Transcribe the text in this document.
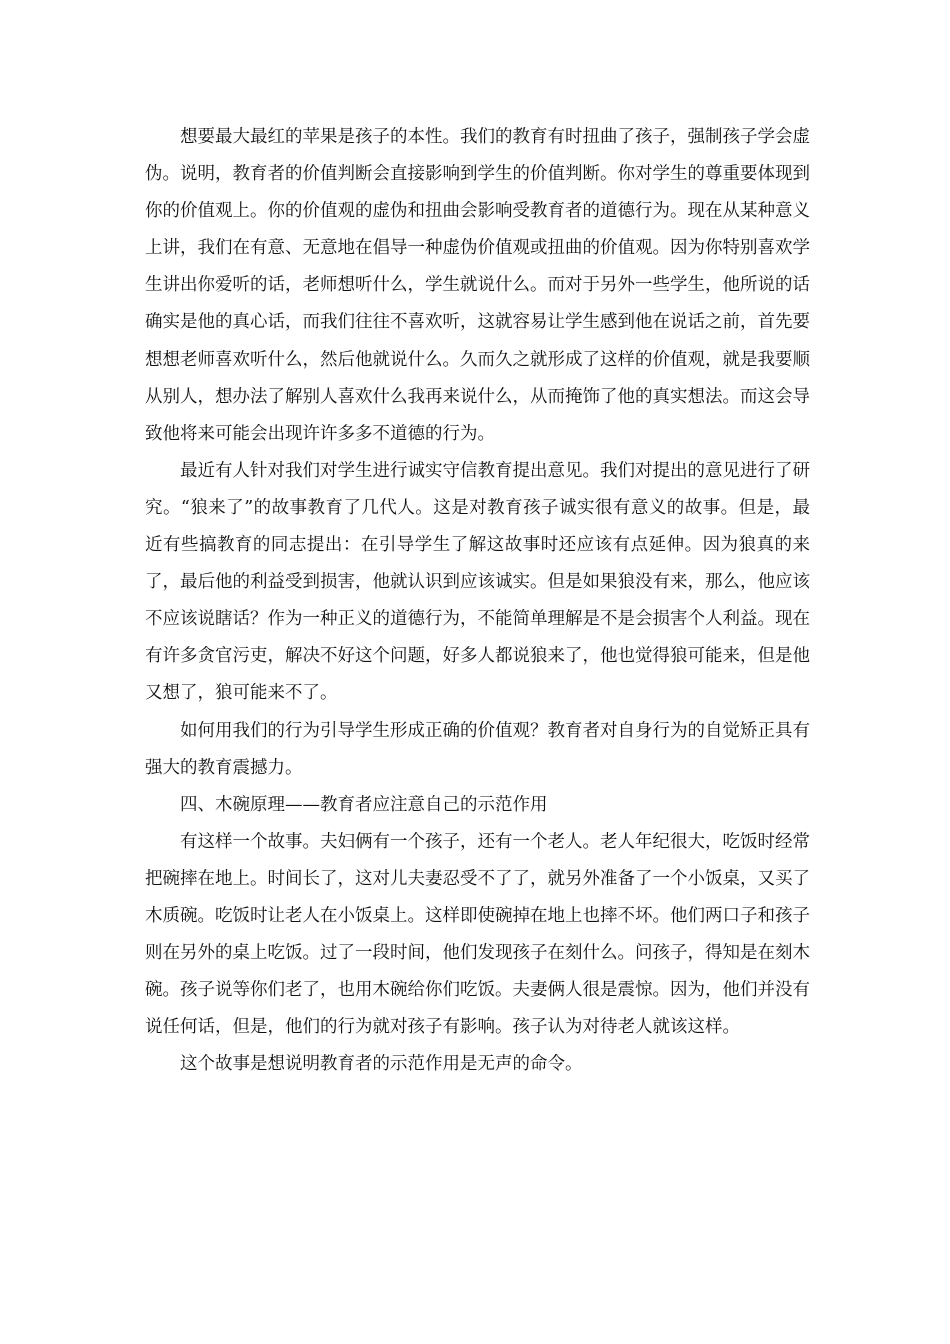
想要最大最红的苹果是孩子的本性。我们的教育有时扭曲了孩子，强制孩子学会虚伪。说明，教育者的价值判断会直接影响到学生的价值判断。你对学生的尊重要体现到你的价值观上。你的价值观的虚伪和扭曲会影响受教育者的道德行为。现在从某种意义上讲，我们在有意、无意地在倡导一种虚伪价值观或扭曲的价值观。因为你特别喜欢学生讲出你爱听的话，老师想听什么，学生就说什么。而对于另外一些学生，他所说的话确实是他的真心话，而我们往往不喜欢听，这就容易让学生感到他在说话之前，首先要想想老师喜欢听什么，然后他就说什么。久而久之就形成了这样的价值观，就是我要顺从别人，想办法了解别人喜欢什么我再来说什么，从而掩饰了他的真实想法。而这会导致他将来可能会出现许许多多不道德的行为。

最近有人针对我们对学生进行诚实守信教育提出意见。我们对提出的意见进行了研究。“狼来了”的故事教育了几代人。这是对教育孩子诚实很有意义的故事。但是，最近有些搞教育的同志提出：在引导学生了解这故事时还应该有点延伸。因为狼真的来了，最后他的利益受到损害，他就认识到应该诚实。但是如果狼没有来，那么，他应该不应该说瞎话？作为一种正义的道德行为，不能简单理解是不是会损害个人利益。现在有许多贪官污吏，解决不好这个问题，好多人都说狼来了，他也觉得狼可能来，但是他又想了，狼可能来不了。

如何用我们的行为引导学生形成正确的价值观？教育者对自身行为的自觉矫正具有强大的教育震撼力。

四、木碗原理——教育者应注意自己的示范作用

有这样一个故事。夫妇俩有一个孩子，还有一个老人。老人年纪很大，吃饭时经常把碗摔在地上。时间长了，这对儿夫妻忍受不了了，就另外准备了一个小饭桌，又买了木质碗。吃饭时让老人在小饭桌上。这样即使碗掉在地上也摔不坏。他们两口子和孩子则在另外的桌上吃饭。过了一段时间，他们发现孩子在刻什么。问孩子，得知是在刻木碗。孩子说等你们老了，也用木碗给你们吃饭。夫妻俩人很是震惊。因为，他们并没有说任何话，但是，他们的行为就对孩子有影响。孩子认为对待老人就该这样。

这个故事是想说明教育者的示范作用是无声的命令。
